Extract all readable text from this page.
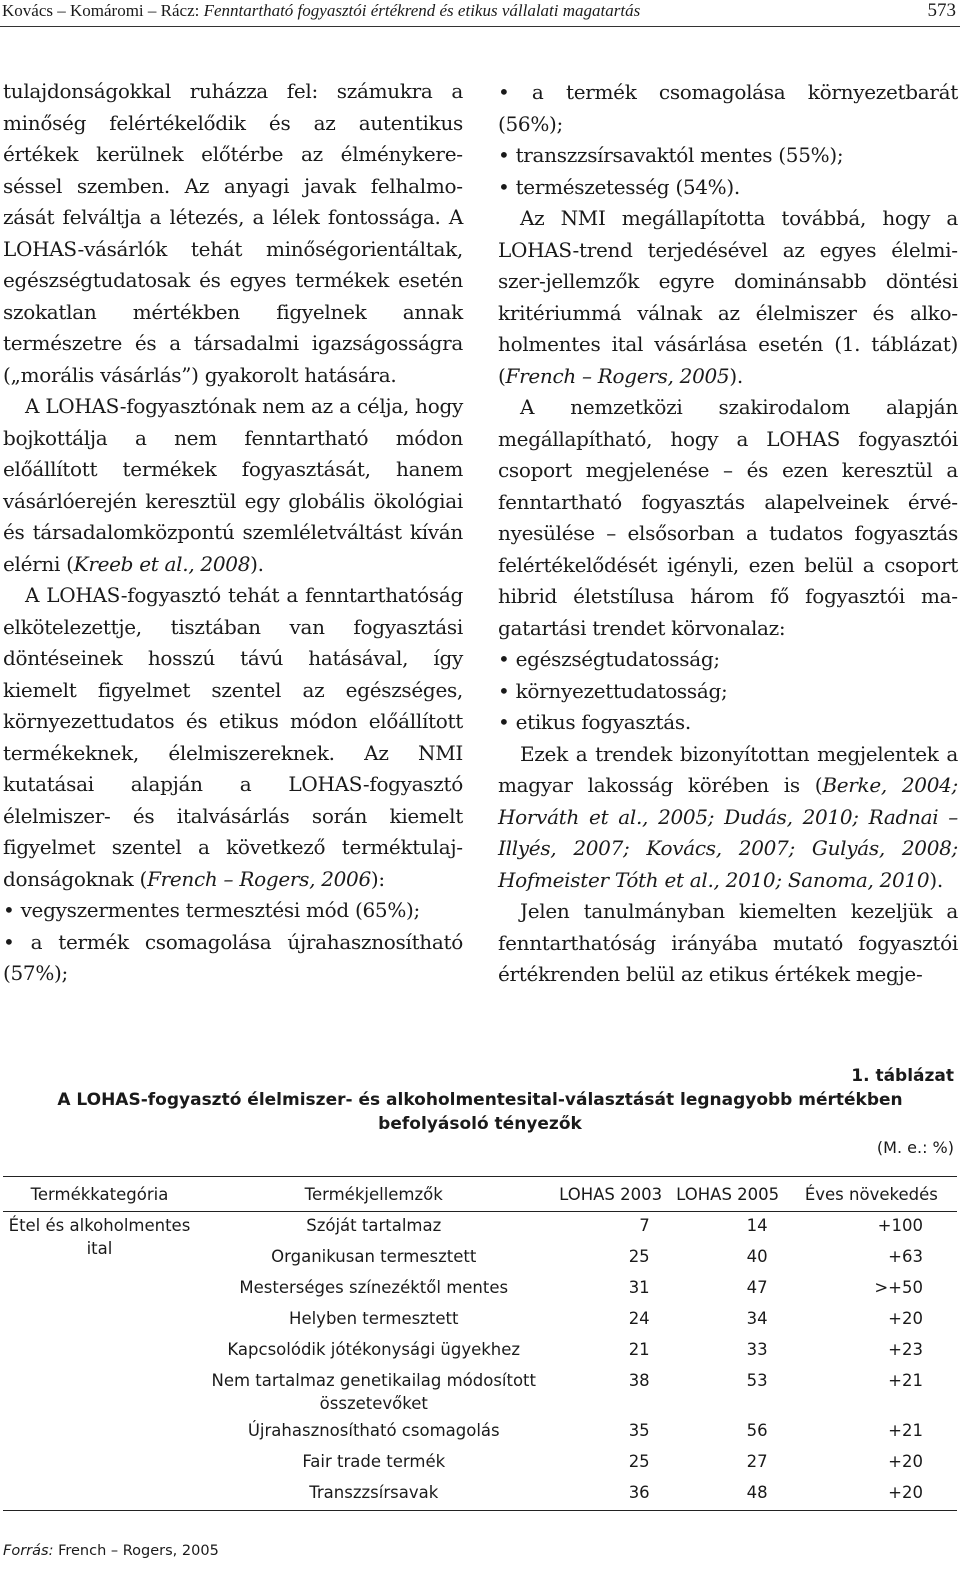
Kovács – Komáromi – Rácz: Fenntartható fogyasztói értékrend és etikus vállalati magatartás	573

tulajdonságokkal ruházza fel: számukra a minőség felértékelődik és az autentikus értékek kerülnek előtérbe az élménykereséssel szemben. Az anyagi javak felhalmozását felváltja a létezés, a lélek fontossága. A LOHAS-vásárlók tehát minőségorientáltak, egészségtudatosak és egyes termékek esetén szokatlan mértékben figyelnek annak természetre és a társadalmi igazságosságra („morális vásárlás”) gyakorolt hatására.

A LOHAS-fogyasztónak nem az a célja, hogy bojkottálja a nem fenntartható módon előállított termékek fogyasztását, hanem vásárlóerején keresztül egy globális ökológiai és társadalomközpontú szemléletváltást kíván elérni (Kreeb et al., 2008).

A LOHAS-fogyasztó tehát a fenntarthatóság elkötelezettje, tisztában van fogyasztási döntéseinek hosszú távú hatásával, így kiemelt figyelmet szentel az egészséges, környezettudatos és etikus módon előállított termékeknek, élelmiszereknek. Az NMI kutatásai alapján a LOHAS-fogyasztó élelmiszer- és italvásárlás során kiemelt figyelmet szentel a következő terméktulajdonságoknak (French – Rogers, 2006):

• vegyszermentes termesztési mód (65%);
• a termék csomagolása újrahasznosítható (57%);
• a termék csomagolása környezetbarát (56%);
• transzzsírsavaktól mentes (55%);
• természetesség (54%).

Az NMI megállapította továbbá, hogy a LOHAS-trend terjedésével az egyes élelmiszer-jellemzők egyre dominánsabb döntési kritériummá válnak az élelmiszer és alkoholmentes ital vásárlása esetén (1. táblázat) (French – Rogers, 2005).

A nemzetközi szakirodalom alapján megállapítható, hogy a LOHAS fogyasztói csoport megjelenése – és ezen keresztül a fenntartható fogyasztás alapelveinek érvényesülése – elsősorban a tudatos fogyasztás felértékelődését igényli, ezen belül a csoport hibrid életstílusa három fő fogyasztói magatartási trendet körvonalaz:

• egészségtudatosság;
• környezettudatosság;
• etikus fogyasztás.

Ezek a trendek bizonyítottan megjelentek a magyar lakosság körében is (Berke, 2004; Horváth et al., 2005; Dudás, 2010; Radnai – Illyés, 2007; Kovács, 2007; Gulyás, 2008; Hofmeister Tóth et al., 2010; Sanoma, 2010).

Jelen tanulmányban kiemelten kezeljük a fenntarthatóság irányába mutató fogyasztói értékrenden belül az etikus értékek megje-

1. táblázat
A LOHAS-fogyasztó élelmiszer- és alkoholmentesital-választását legnagyobb mértékben befolyásoló tényezők
(M. e.: %)
Termékkategória	Termékjellemzők	LOHAS 2003	LOHAS 2005	Éves növekedés
Étel és alkoholmentes ital	Szóját tartalmaz	7	14	+100
	Organikusan termesztett	25	40	+63
	Mesterséges színezéktől mentes	31	47	>+50
	Helyben termesztett	24	34	+20
	Kapcsolódik jótékonysági ügyekhez	21	33	+23
	Nem tartalmaz genetikailag módosított összetevőket	38	53	+21
	Újrahasznosítható csomagolás	35	56	+21
	Fair trade termék	25	27	+20
	Transzzsírsavak	36	48	+20
Forrás: French – Rogers, 2005
